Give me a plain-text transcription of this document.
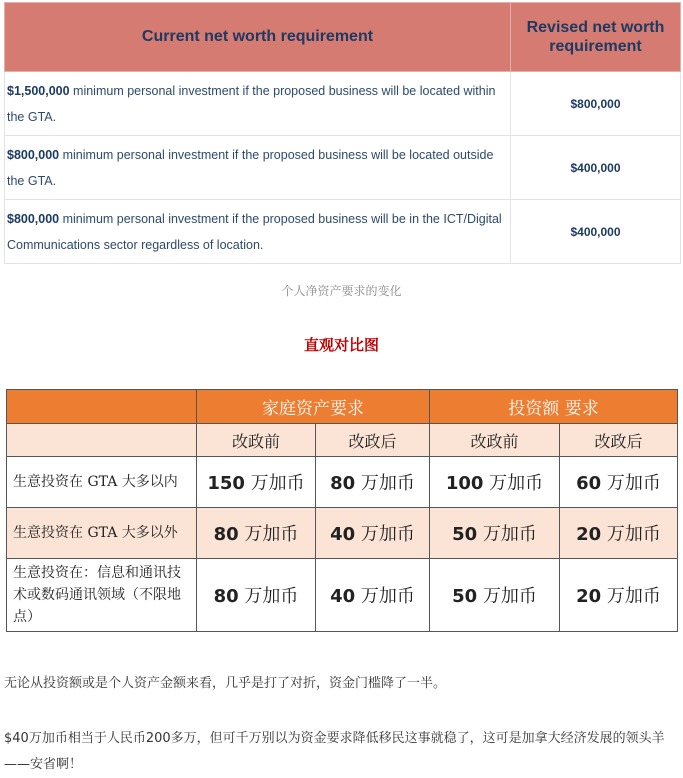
Current net worth requirement	Revised net worth requirement
$1,500,000 minimum personal investment if the proposed business will be located within the GTA.	$800,000
$800,000 minimum personal investment if the proposed business will be located outside the GTA.	$400,000
$800,000 minimum personal investment if the proposed business will be in the ICT/Digital Communications sector regardless of location.	$400,000
个人净资产要求的变化
直观对比图
	家庭资产要求		投资额 要求	
	改政前	改政后	改政前	改政后
生意投资在 GTA 大多以内	150 万加币	80 万加币	100 万加币	60 万加币
生意投资在 GTA 大多以外	80 万加币	40 万加币	50 万加币	20 万加币
生意投资在：信息和通讯技术或数码通讯领域（不限地点）	80 万加币	40 万加币	50 万加币	20 万加币

无论从投资额或是个人资产金额来看，几乎是打了对折，资金门槛降了一半。

$40万加币相当于人民币200多万，但可千万别以为资金要求降低移民这事就稳了，这可是加拿大经济发展的领头羊——安省啊！
